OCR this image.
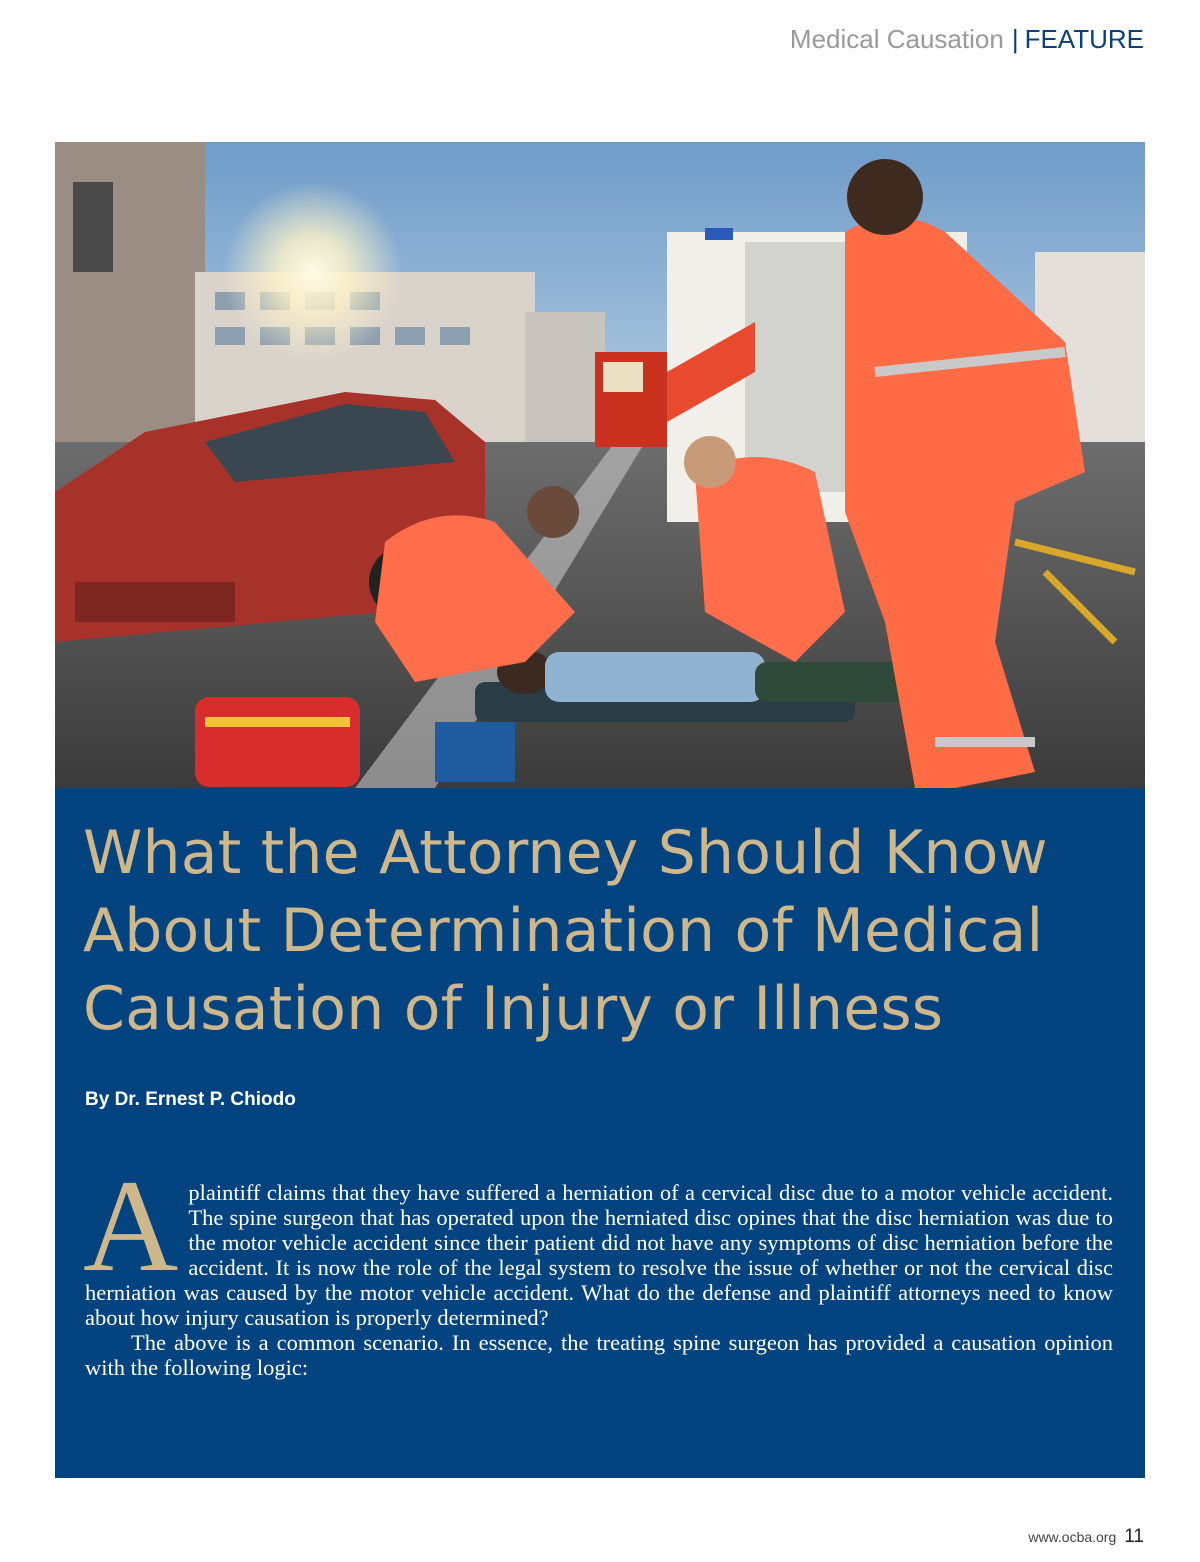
Medical Causation | FEATURE
What the Attorney Should Know About Determination of Medical Causation of Injury or Illness

By Dr. Ernest P. Chiodo

Aplaintiff claims that they have suffered a herniation of a cervical disc due to a motor vehicle accident. The spine surgeon that has operated upon the herniated disc opines that the disc herniation was due to the motor vehicle accident since their patient did not have any symptoms of disc herniation before the accident. It is now the role of the legal system to resolve the issue of whether or not the cervical disc herniation was caused by the motor vehicle accident. What do the defense and plaintiff attorneys need to know about how injury causation is properly determined?

The above is a common scenario. In essence, the treating spine surgeon has provided a causation opinion with the following logic:

www.ocba.org 11
